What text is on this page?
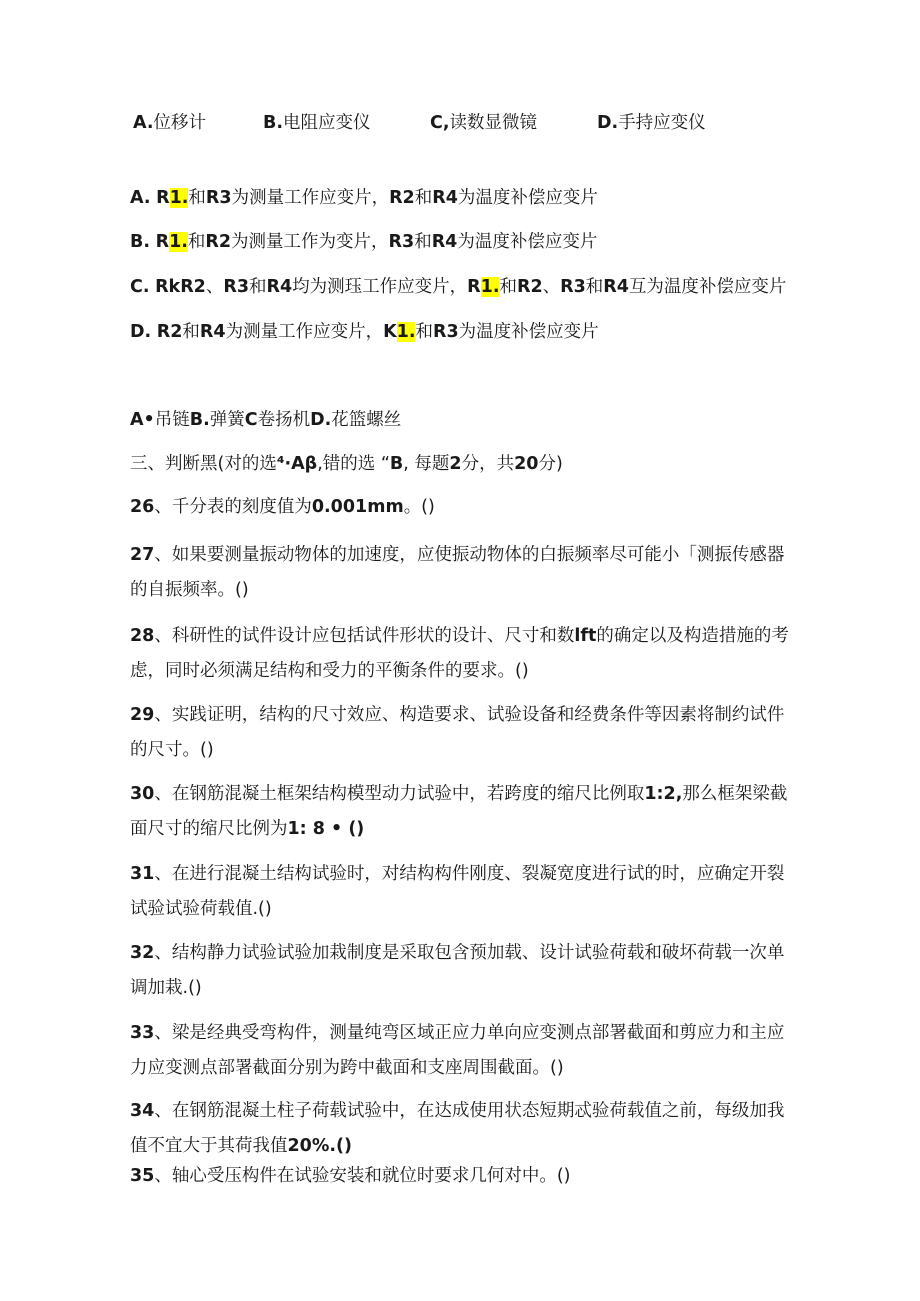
A.位移计	B.电阻应变仪	C,读数显微镜	D.手持应变仪
A. R1.和R3为测量工作应变片，R2和R4为温度补偿应变片
B. R1.和R2为测量工作为变片，R3和R4为温度补偿应变片
C. RkR2、R3和R4均为测珏工作应变片，R1.和R2、R3和R4互为温度补偿应变片
D. R2和R4为测量工作应变片，K1.和R3为温度补偿应变片
A•吊链B.弹簧C卷扬机D.花篮螺丝
三、判断黑(对的选⁴·Aβ,错的选 “B, 每题2分，共20分)
26、千分表的刻度值为0.001mm。()
27、如果要测量振动物体的加速度，应使振动物体的白振频率尽可能小「测振传感器的自振频率。()
28、科研性的试件设计应包括试件形状的设计、尺寸和数lft的确定以及构造措施的考虑，同时必须满足结构和受力的平衡条件的要求。()
29、实践证明，结构的尺寸效应、构造要求、试验设备和经费条件等因素将制约试件的尺寸。()
30、在钢筋混凝土框架结构模型动力试验中，若跨度的缩尺比例取1:2,那么框架梁截面尺寸的缩尺比例为1: 8 • ()
31、在进行混凝土结构试验时，对结构构件刚度、裂凝宽度进行试的时，应确定开裂试验试验荷载值.()
32、结构静力试验试验加栽制度是采取包含预加载、设计试验荷载和破坏荷载一次单调加栽.()
33、梁是经典受弯构件，测量纯弯区域正应力单向应变测点部署截面和剪应力和主应力应变测点部署截面分别为跨中截面和支座周围截面。()
34、在钢筋混凝土柱子荷载试验中，在达成使用状态短期忒验荷载值之前，每级加我值不宜大于其荷我值20%.()
35、轴心受压构件在试验安装和就位时要求几何对中。()
